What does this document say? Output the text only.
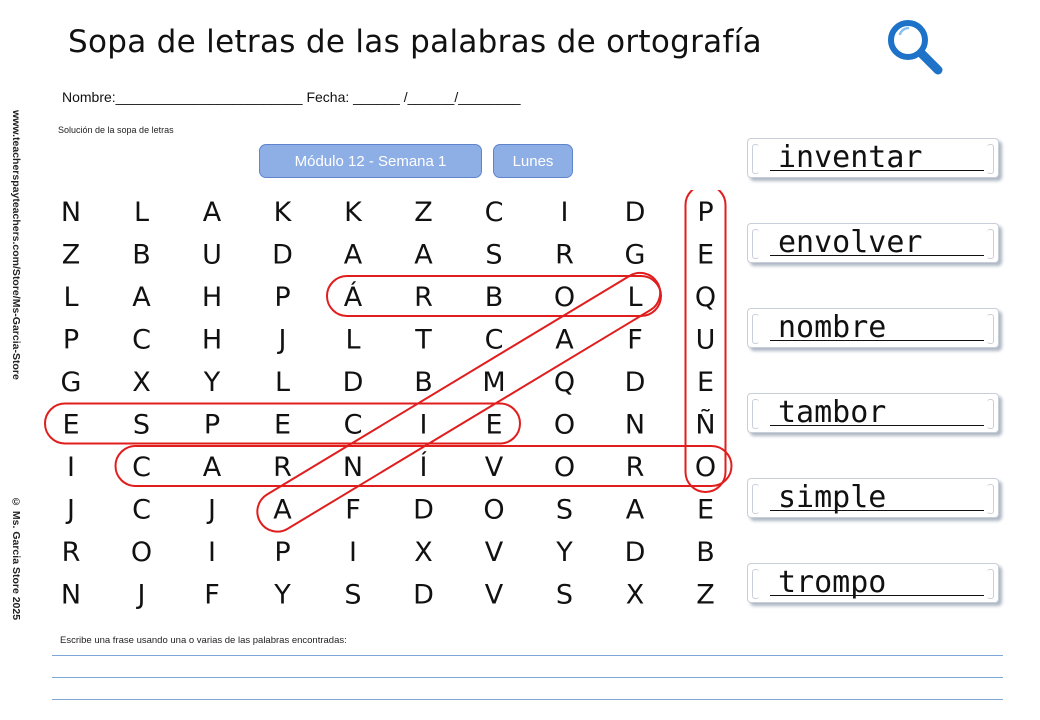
www.teacherspayteachers.com/Store/Ms-Garcia-Store
© Ms. Garcia Store 2025
Sopa de letras de las palabras de ortografía
Nombre:________________________ Fecha: ______ /______/________
Solución de la sopa de letras
Módulo 12 - Semana 1	Lunes
N L A K K Z C I D P
Z B U D A A S R G E
L A H P Á R B O L Q
P C H J L T C A F U
G X Y L D B M Q D E
E S P E C I E O N Ñ
I C A R N Í V O R O
J C J A F D O S A E
R O I P I X V Y D B
N J F Y S D V S X Z
inventar
envolver
nombre
tambor
simple
trompo
Escribe una frase usando una o varias de las palabras encontradas:
